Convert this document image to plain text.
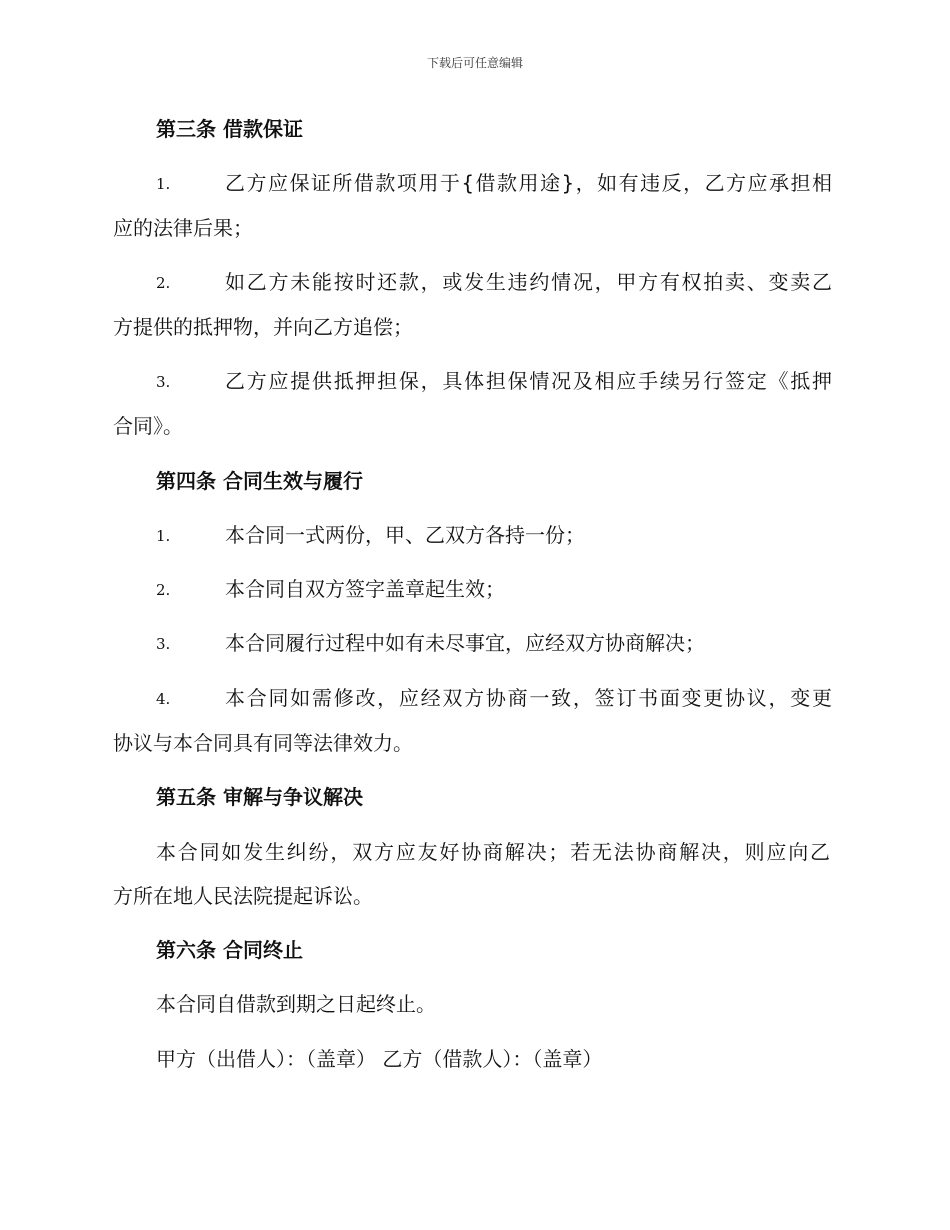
下载后可任意编辑
第三条 借款保证
1.	乙方应保证所借款项用于{借款用途}，如有违反，乙方应承担相
应的法律后果；
2.	如乙方未能按时还款，或发生违约情况，甲方有权拍卖、变卖乙
方提供的抵押物，并向乙方追偿；
3.	乙方应提供抵押担保，具体担保情况及相应手续另行签定《抵押
合同》。
第四条 合同生效与履行
1.	本合同一式两份，甲、乙双方各持一份；
2.	本合同自双方签字盖章起生效；
3.	本合同履行过程中如有未尽事宜，应经双方协商解决；
4.	本合同如需修改，应经双方协商一致，签订书面变更协议，变更
协议与本合同具有同等法律效力。
第五条 审解与争议解决
本合同如发生纠纷，双方应友好协商解决；若无法协商解决，则应向乙
方所在地人民法院提起诉讼。
第六条 合同终止
本合同自借款到期之日起终止。
甲方（出借人）：（盖章） 乙方（借款人）：（盖章）
